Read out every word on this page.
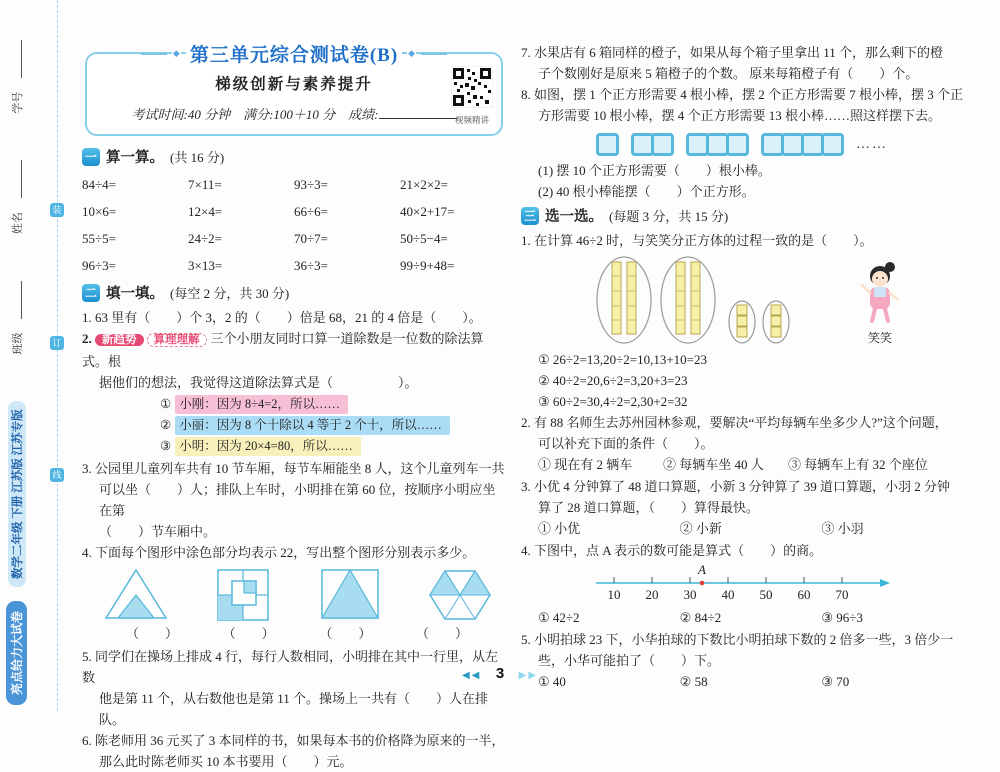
装
订
线
亮点给力大试卷
数学二年级 下册 江苏版 江苏专版
班级
姓名
学号
◆ 第三单元综合测试卷(B)	◆
梯级创新与素养提升
考试时间:40 分钟　满分:100＋10 分　成绩:	视频精讲
一 算一算。 (共 16 分)
84÷4=	7×11=	93÷3=	21×2×2=
10×6=	12×4=	66÷6=	40×2+17=
55÷5=	24÷2=	70÷7=	50÷5−4=
96÷3=	3×13=	36÷3=	99÷9+48=
二 填一填。 (每空 2 分，共 30 分)
1. 63 里有（　　）个 3，2 的（　　）倍是 68，21 的 4 倍是（　　）。
2. 新趋势 算理理解 三个小朋友同时口算一道除数是一位数的除法算式。根
据他们的想法，我觉得这道除法算式是（　　　　　）。
① 小刚：因为 8÷4=2，所以……
② 小丽：因为 8 个十除以 4 等于 2 个十，所以……
③ 小明：因为 20×4=80，所以……
3. 公园里儿童列车共有 10 节车厢，每节车厢能坐 8 人，这个儿童列车一共
可以坐（　　）人；排队上车时，小明排在第 60 位，按顺序小明应坐在第
（　　）节车厢中。
4. 下面每个图形中涂色部分均表示 22，写出整个图形分别表示多少。
（　　）	（　　）	（　　）	（　　）
5. 同学们在操场上排成 4 行，每行人数相同，小明排在其中一行里，从左数
他是第 11 个，从右数他也是第 11 个。操场上一共有（　　）人在排队。
6. 陈老师用 36 元买了 3 本同样的书，如果每本书的价格降为原来的一半，
那么此时陈老师买 10 本书要用（　　）元。
7. 水果店有 6 箱同样的橙子，如果从每个箱子里拿出 11 个，那么剩下的橙
子个数刚好是原来 5 箱橙子的个数。 原来每箱橙子有（　　）个。
8. 如图，摆 1 个正方形需要 4 根小棒，摆 2 个正方形需要 7 根小棒，摆 3 个正
方形需要 10 根小棒，摆 4 个正方形需要 13 根小棒……照这样摆下去。
……
(1) 摆 10 个正方形需要（　　）根小棒。
(2) 40 根小棒能摆（　　）个正方形。
三 选一选。 (每题 3 分，共 15 分)
1. 在计算 46÷2 时，与笑笑分正方体的过程一致的是（　　）。
笑笑
① 26÷2=13,20÷2=10,13+10=23
② 40÷2=20,6÷2=3,20+3=23
③ 60÷2=30,4÷2=2,30+2=32
2. 有 88 名师生去苏州园林参观，要解决“平均每辆车坐多少人?”这个问题，
可以补充下面的条件（　　）。
① 现在有 2 辆车	② 每辆车坐 40 人	③ 每辆车上有 32 个座位
3. 小优 4 分钟算了 48 道口算题，小新 3 分钟算了 39 道口算题，小羽 2 分钟
算了 28 道口算题，（　　）算得最快。
① 小优	② 小新	③ 小羽
4. 下图中，点 A 表示的数可能是算式（　　）的商。
A
10 20 30 40 50 60 70
① 42÷2	② 84÷2	③ 96÷3
5. 小明拍球 23 下，小华拍球的下数比小明拍球下数的 2 倍多一些，3 倍少一
些，小华可能拍了（　　）下。
① 40	② 58	③ 70
◀◀ 3 ▶▶
